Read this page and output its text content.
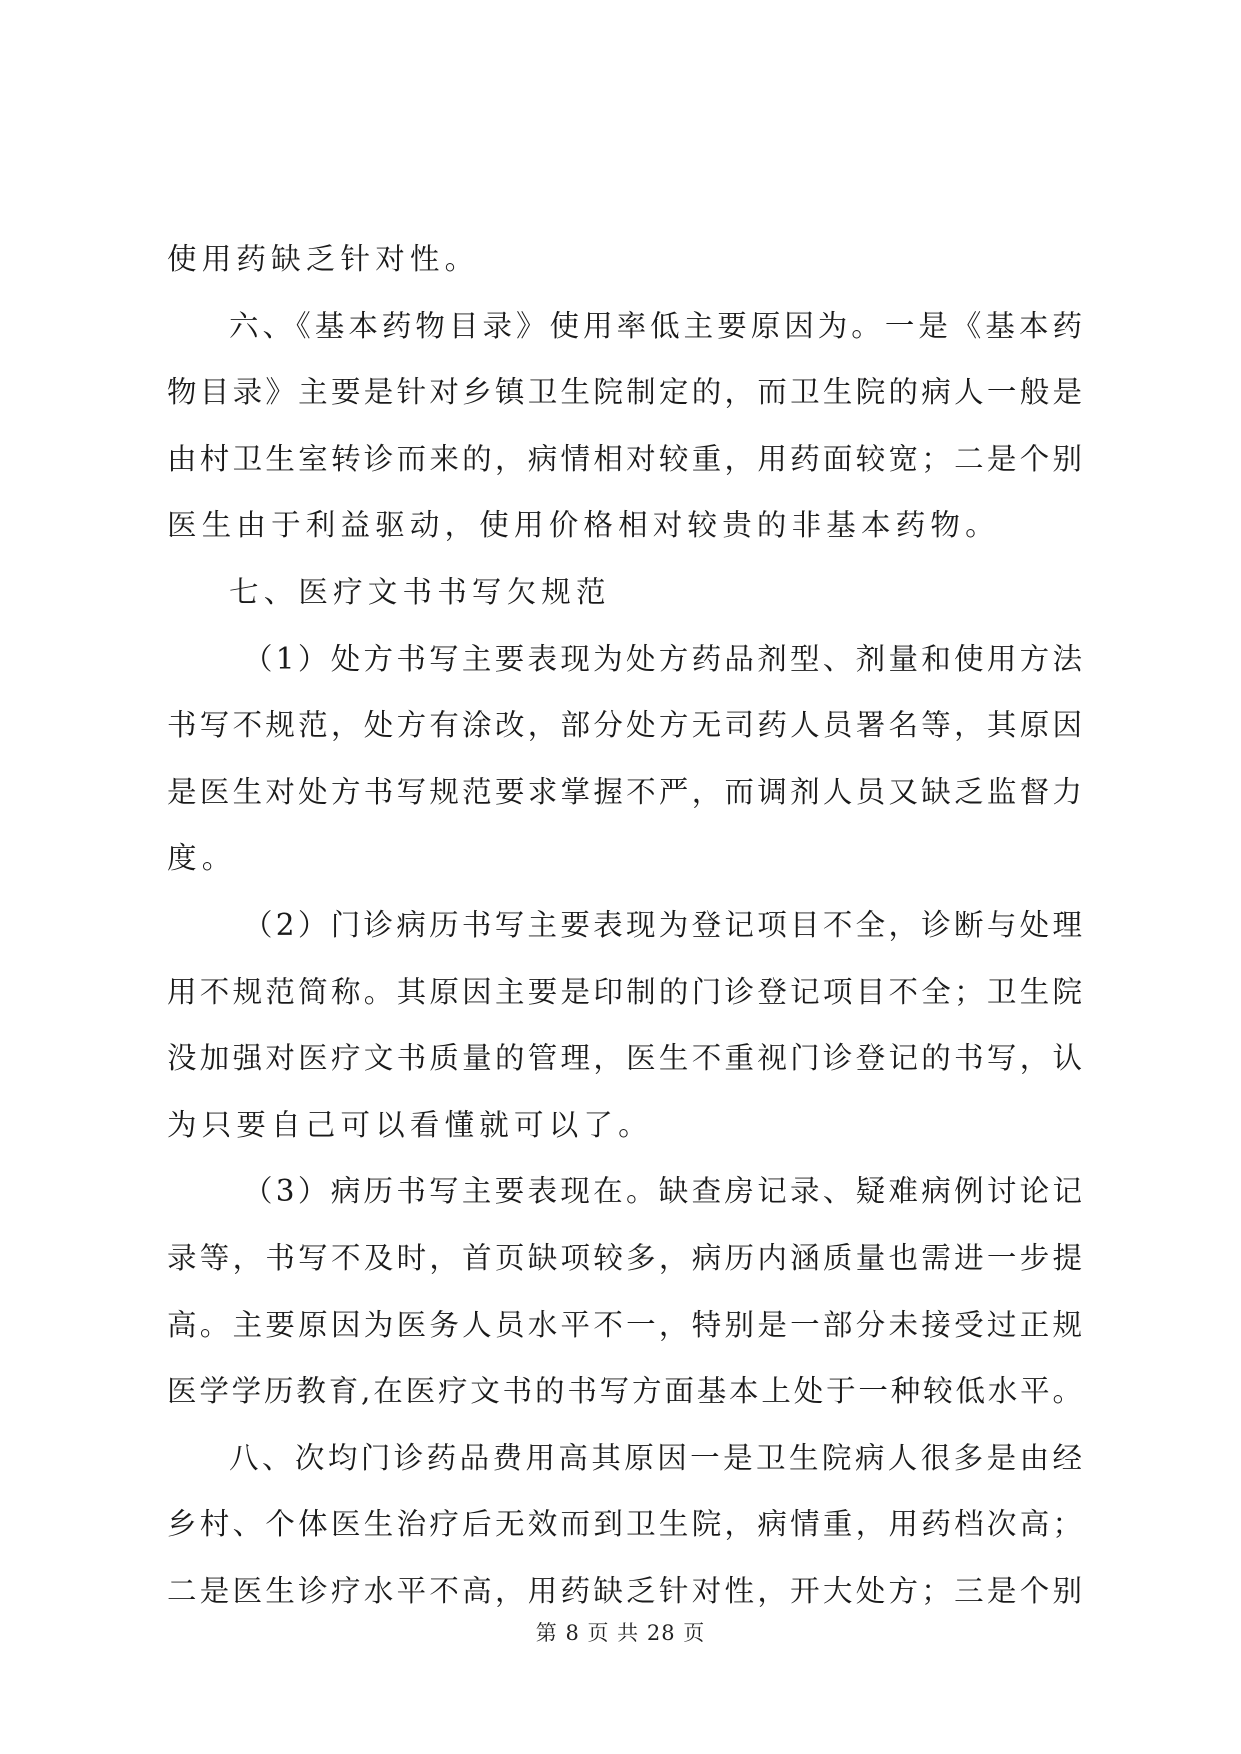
使用药缺乏针对性。
六、《基本药物目录》使用率低主要原因为。一是《基本药
物目录》主要是针对乡镇卫生院制定的，而卫生院的病人一般是
由村卫生室转诊而来的，病情相对较重，用药面较宽；二是个别
医生由于利益驱动，使用价格相对较贵的非基本药物。
七、医疗文书书写欠规范
（1）处方书写主要表现为处方药品剂型、剂量和使用方法
书写不规范，处方有涂改，部分处方无司药人员署名等，其原因
是医生对处方书写规范要求掌握不严，而调剂人员又缺乏监督力
度。
（2）门诊病历书写主要表现为登记项目不全，诊断与处理
用不规范简称。其原因主要是印制的门诊登记项目不全；卫生院
没加强对医疗文书质量的管理，医生不重视门诊登记的书写，认
为只要自己可以看懂就可以了。
（3）病历书写主要表现在。缺查房记录、疑难病例讨论记
录等，书写不及时，首页缺项较多，病历内涵质量也需进一步提
高。主要原因为医务人员水平不一，特别是一部分未接受过正规
医学学历教育,在医疗文书的书写方面基本上处于一种较低水平。
八、次均门诊药品费用高其原因一是卫生院病人很多是由经
乡村、个体医生治疗后无效而到卫生院，病情重，用药档次高；
二是医生诊疗水平不高，用药缺乏针对性，开大处方；三是个别
第 8 页 共 28 页
